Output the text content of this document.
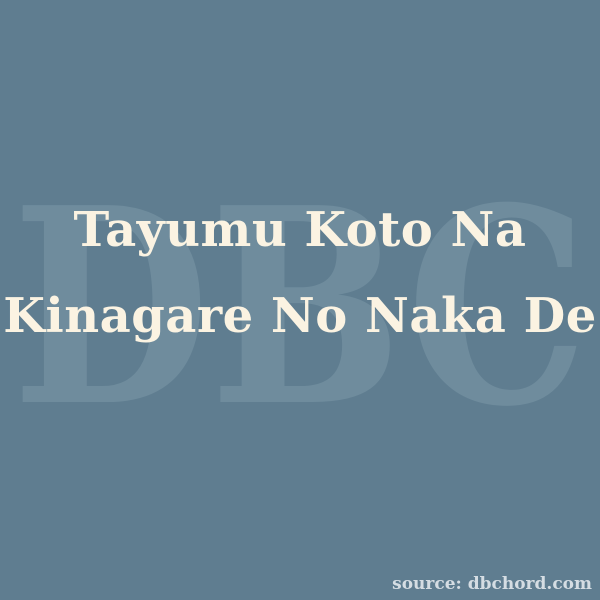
DBC
Tayumu Koto Na
Kinagare No Naka De
source: dbchord.com
